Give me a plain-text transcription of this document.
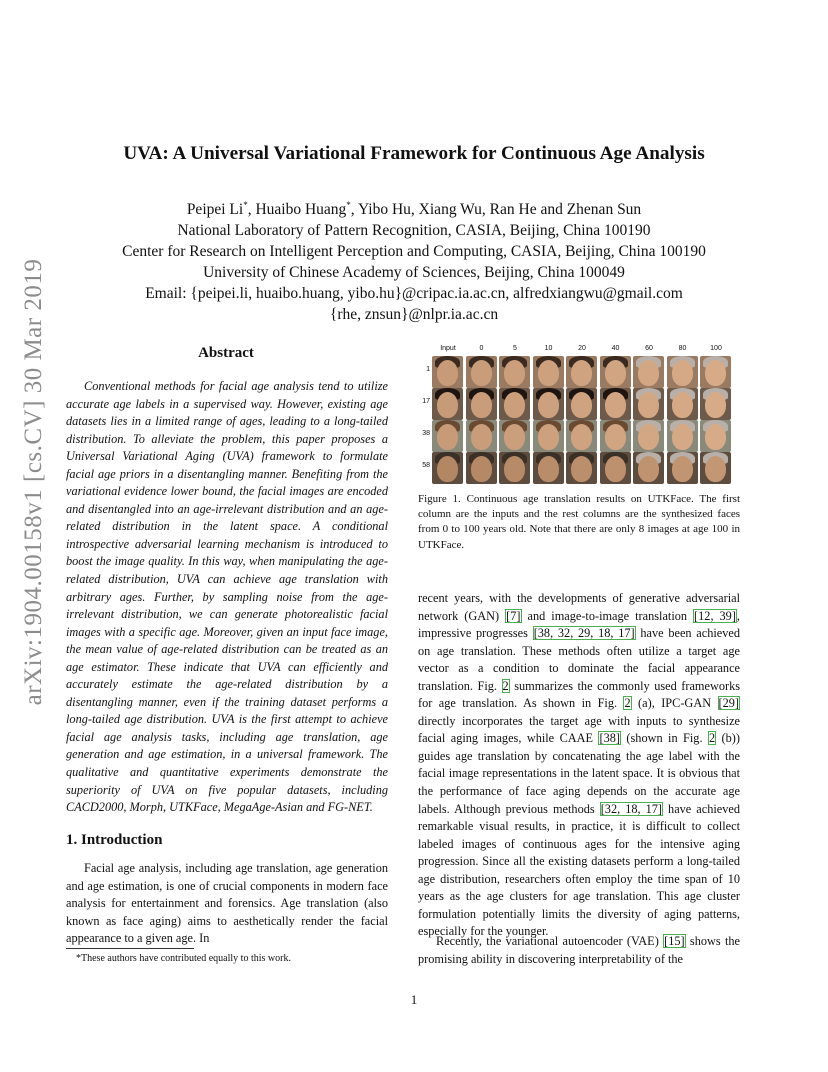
arXiv:1904.00158v1 [cs.CV] 30 Mar 2019
UVA: A Universal Variational Framework for Continuous Age Analysis
Peipei Li*, Huaibo Huang*, Yibo Hu, Xiang Wu, Ran He and Zhenan Sun
National Laboratory of Pattern Recognition, CASIA, Beijing, China 100190
Center for Research on Intelligent Perception and Computing, CASIA, Beijing, China 100190
University of Chinese Academy of Sciences, Beijing, China 100049
Email: {peipei.li, huaibo.huang, yibo.hu}@cripac.ia.ac.cn, alfredxiangwu@gmail.com
{rhe, znsun}@nlpr.ia.ac.cn
Abstract
Conventional methods for facial age analysis tend to utilize accurate age labels in a supervised way. However, existing age datasets lies in a limited range of ages, leading to a long-tailed distribution. To alleviate the problem, this paper proposes a Universal Variational Aging (UVA) framework to formulate facial age priors in a disentangling manner. Benefiting from the variational evidence lower bound, the facial images are encoded and disentangled into an age-irrelevant distribution and an age-related distribution in the latent space. A conditional introspective adversarial learning mechanism is introduced to boost the image quality. In this way, when manipulating the age-related distribution, UVA can achieve age translation with arbitrary ages. Further, by sampling noise from the age-irrelevant distribution, we can generate photorealistic facial images with a specific age. Moreover, given an input face image, the mean value of age-related distribution can be treated as an age estimator. These indicate that UVA can efficiently and accurately estimate the age-related distribution by a disentangling manner, even if the training dataset performs a long-tailed age distribution. UVA is the first attempt to achieve facial age analysis tasks, including age translation, age generation and age estimation, in a universal framework. The qualitative and quantitative experiments demonstrate the superiority of UVA on five popular datasets, including CACD2000, Morph, UTKFace, MegaAge-Asian and FG-NET.
1. Introduction
Facial age analysis, including age translation, age generation and age estimation, is one of crucial components in modern face analysis for entertainment and forensics. Age translation (also known as face aging) aims to aesthetically render the facial appearance to a given age. In
*These authors have contributed equally to this work.
Input	0	5	10	20	40	60	80	100
1
17
38
58
Figure 1. Continuous age translation results on UTKFace. The first column are the inputs and the rest columns are the synthesized faces from 0 to 100 years old. Note that there are only 8 images at age 100 in UTKFace.
recent years, with the developments of generative adversarial network (GAN) [7] and image-to-image translation [12, 39], impressive progresses [38, 32, 29, 18, 17] have been achieved on age translation. These methods often utilize a target age vector as a condition to dominate the facial appearance translation. Fig. 2 summarizes the commonly used frameworks for age translation. As shown in Fig. 2 (a), IPC-GAN [29] directly incorporates the target age with inputs to synthesize facial aging images, while CAAE [38] (shown in Fig. 2 (b)) guides age translation by concatenating the age label with the facial image representations in the latent space. It is obvious that the performance of face aging depends on the accurate age labels. Although previous methods [32, 18, 17] have achieved remarkable visual results, in practice, it is difficult to collect labeled images of continuous ages for the intensive aging progression. Since all the existing datasets perform a long-tailed age distribution, researchers often employ the time span of 10 years as the age clusters for age translation. This age cluster formulation potentially limits the diversity of aging patterns, especially for the younger.
Recently, the variational autoencoder (VAE) [15] shows the promising ability in discovering interpretability of the
1
